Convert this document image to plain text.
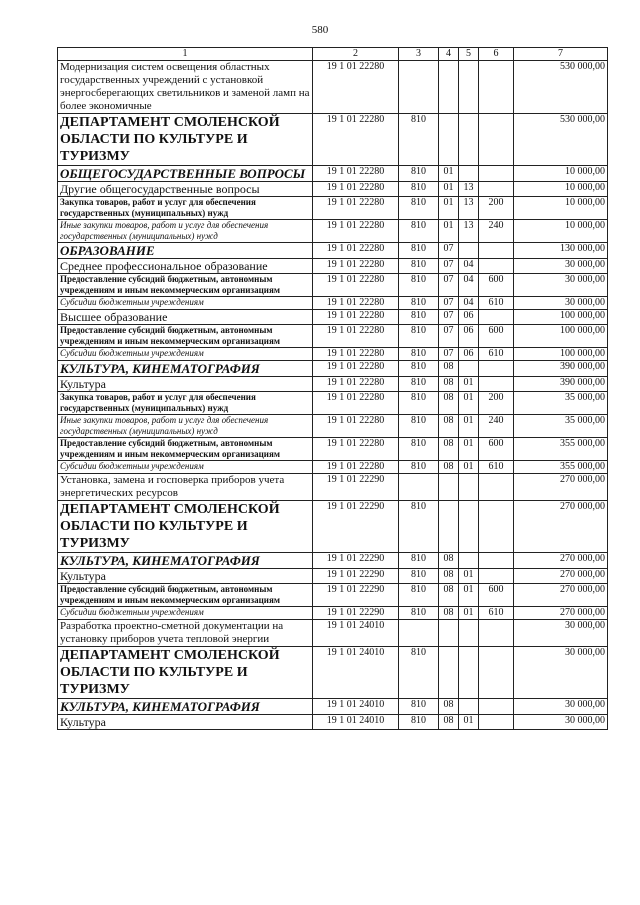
580
1	2	3	4	5	6	7
Модернизация систем освещения областных государственных учреждений с установкой энергосберегающих светильников и заменой ламп на более экономичные	19 1 01 22280					530 000,00
ДЕПАРТАМЕНТ СМОЛЕНСКОЙ ОБЛАСТИ ПО КУЛЬТУРЕ И ТУРИЗМУ	19 1 01 22280	810				530 000,00
ОБЩЕГОСУДАРСТВЕННЫЕ ВОПРОСЫ	19 1 01 22280	810	01			10 000,00
Другие общегосударственные вопросы	19 1 01 22280	810	01	13		10 000,00
Закупка товаров, работ и услуг для обеспечения государственных (муниципальных) нужд	19 1 01 22280	810	01	13	200	10 000,00
Иные закупки товаров, работ и услуг для обеспечения государственных (муниципальных) нужд	19 1 01 22280	810	01	13	240	10 000,00
ОБРАЗОВАНИЕ	19 1 01 22280	810	07			130 000,00
Среднее профессиональное образование	19 1 01 22280	810	07	04		30 000,00
Предоставление субсидий бюджетным, автономным учреждениям и иным некоммерческим организациям	19 1 01 22280	810	07	04	600	30 000,00
Субсидии бюджетным учреждениям	19 1 01 22280	810	07	04	610	30 000,00
Высшее образование	19 1 01 22280	810	07	06		100 000,00
Предоставление субсидий бюджетным, автономным учреждениям и иным некоммерческим организациям	19 1 01 22280	810	07	06	600	100 000,00
Субсидии бюджетным учреждениям	19 1 01 22280	810	07	06	610	100 000,00
КУЛЬТУРА, КИНЕМАТОГРАФИЯ	19 1 01 22280	810	08			390 000,00
Культура	19 1 01 22280	810	08	01		390 000,00
Закупка товаров, работ и услуг для обеспечения государственных (муниципальных) нужд	19 1 01 22280	810	08	01	200	35 000,00
Иные закупки товаров, работ и услуг для обеспечения государственных (муниципальных) нужд	19 1 01 22280	810	08	01	240	35 000,00
Предоставление субсидий бюджетным, автономным учреждениям и иным некоммерческим организациям	19 1 01 22280	810	08	01	600	355 000,00
Субсидии бюджетным учреждениям	19 1 01 22280	810	08	01	610	355 000,00
Установка, замена и госповерка приборов учета энергетических ресурсов	19 1 01 22290					270 000,00
ДЕПАРТАМЕНТ СМОЛЕНСКОЙ ОБЛАСТИ ПО КУЛЬТУРЕ И ТУРИЗМУ	19 1 01 22290	810				270 000,00
КУЛЬТУРА, КИНЕМАТОГРАФИЯ	19 1 01 22290	810	08			270 000,00
Культура	19 1 01 22290	810	08	01		270 000,00
Предоставление субсидий бюджетным, автономным учреждениям и иным некоммерческим организациям	19 1 01 22290	810	08	01	600	270 000,00
Субсидии бюджетным учреждениям	19 1 01 22290	810	08	01	610	270 000,00
Разработка проектно-сметной документации на установку приборов учета тепловой энергии	19 1 01 24010					30 000,00
ДЕПАРТАМЕНТ СМОЛЕНСКОЙ ОБЛАСТИ ПО КУЛЬТУРЕ И ТУРИЗМУ	19 1 01 24010	810				30 000,00
КУЛЬТУРА, КИНЕМАТОГРАФИЯ	19 1 01 24010	810	08			30 000,00
Культура	19 1 01 24010	810	08	01		30 000,00
